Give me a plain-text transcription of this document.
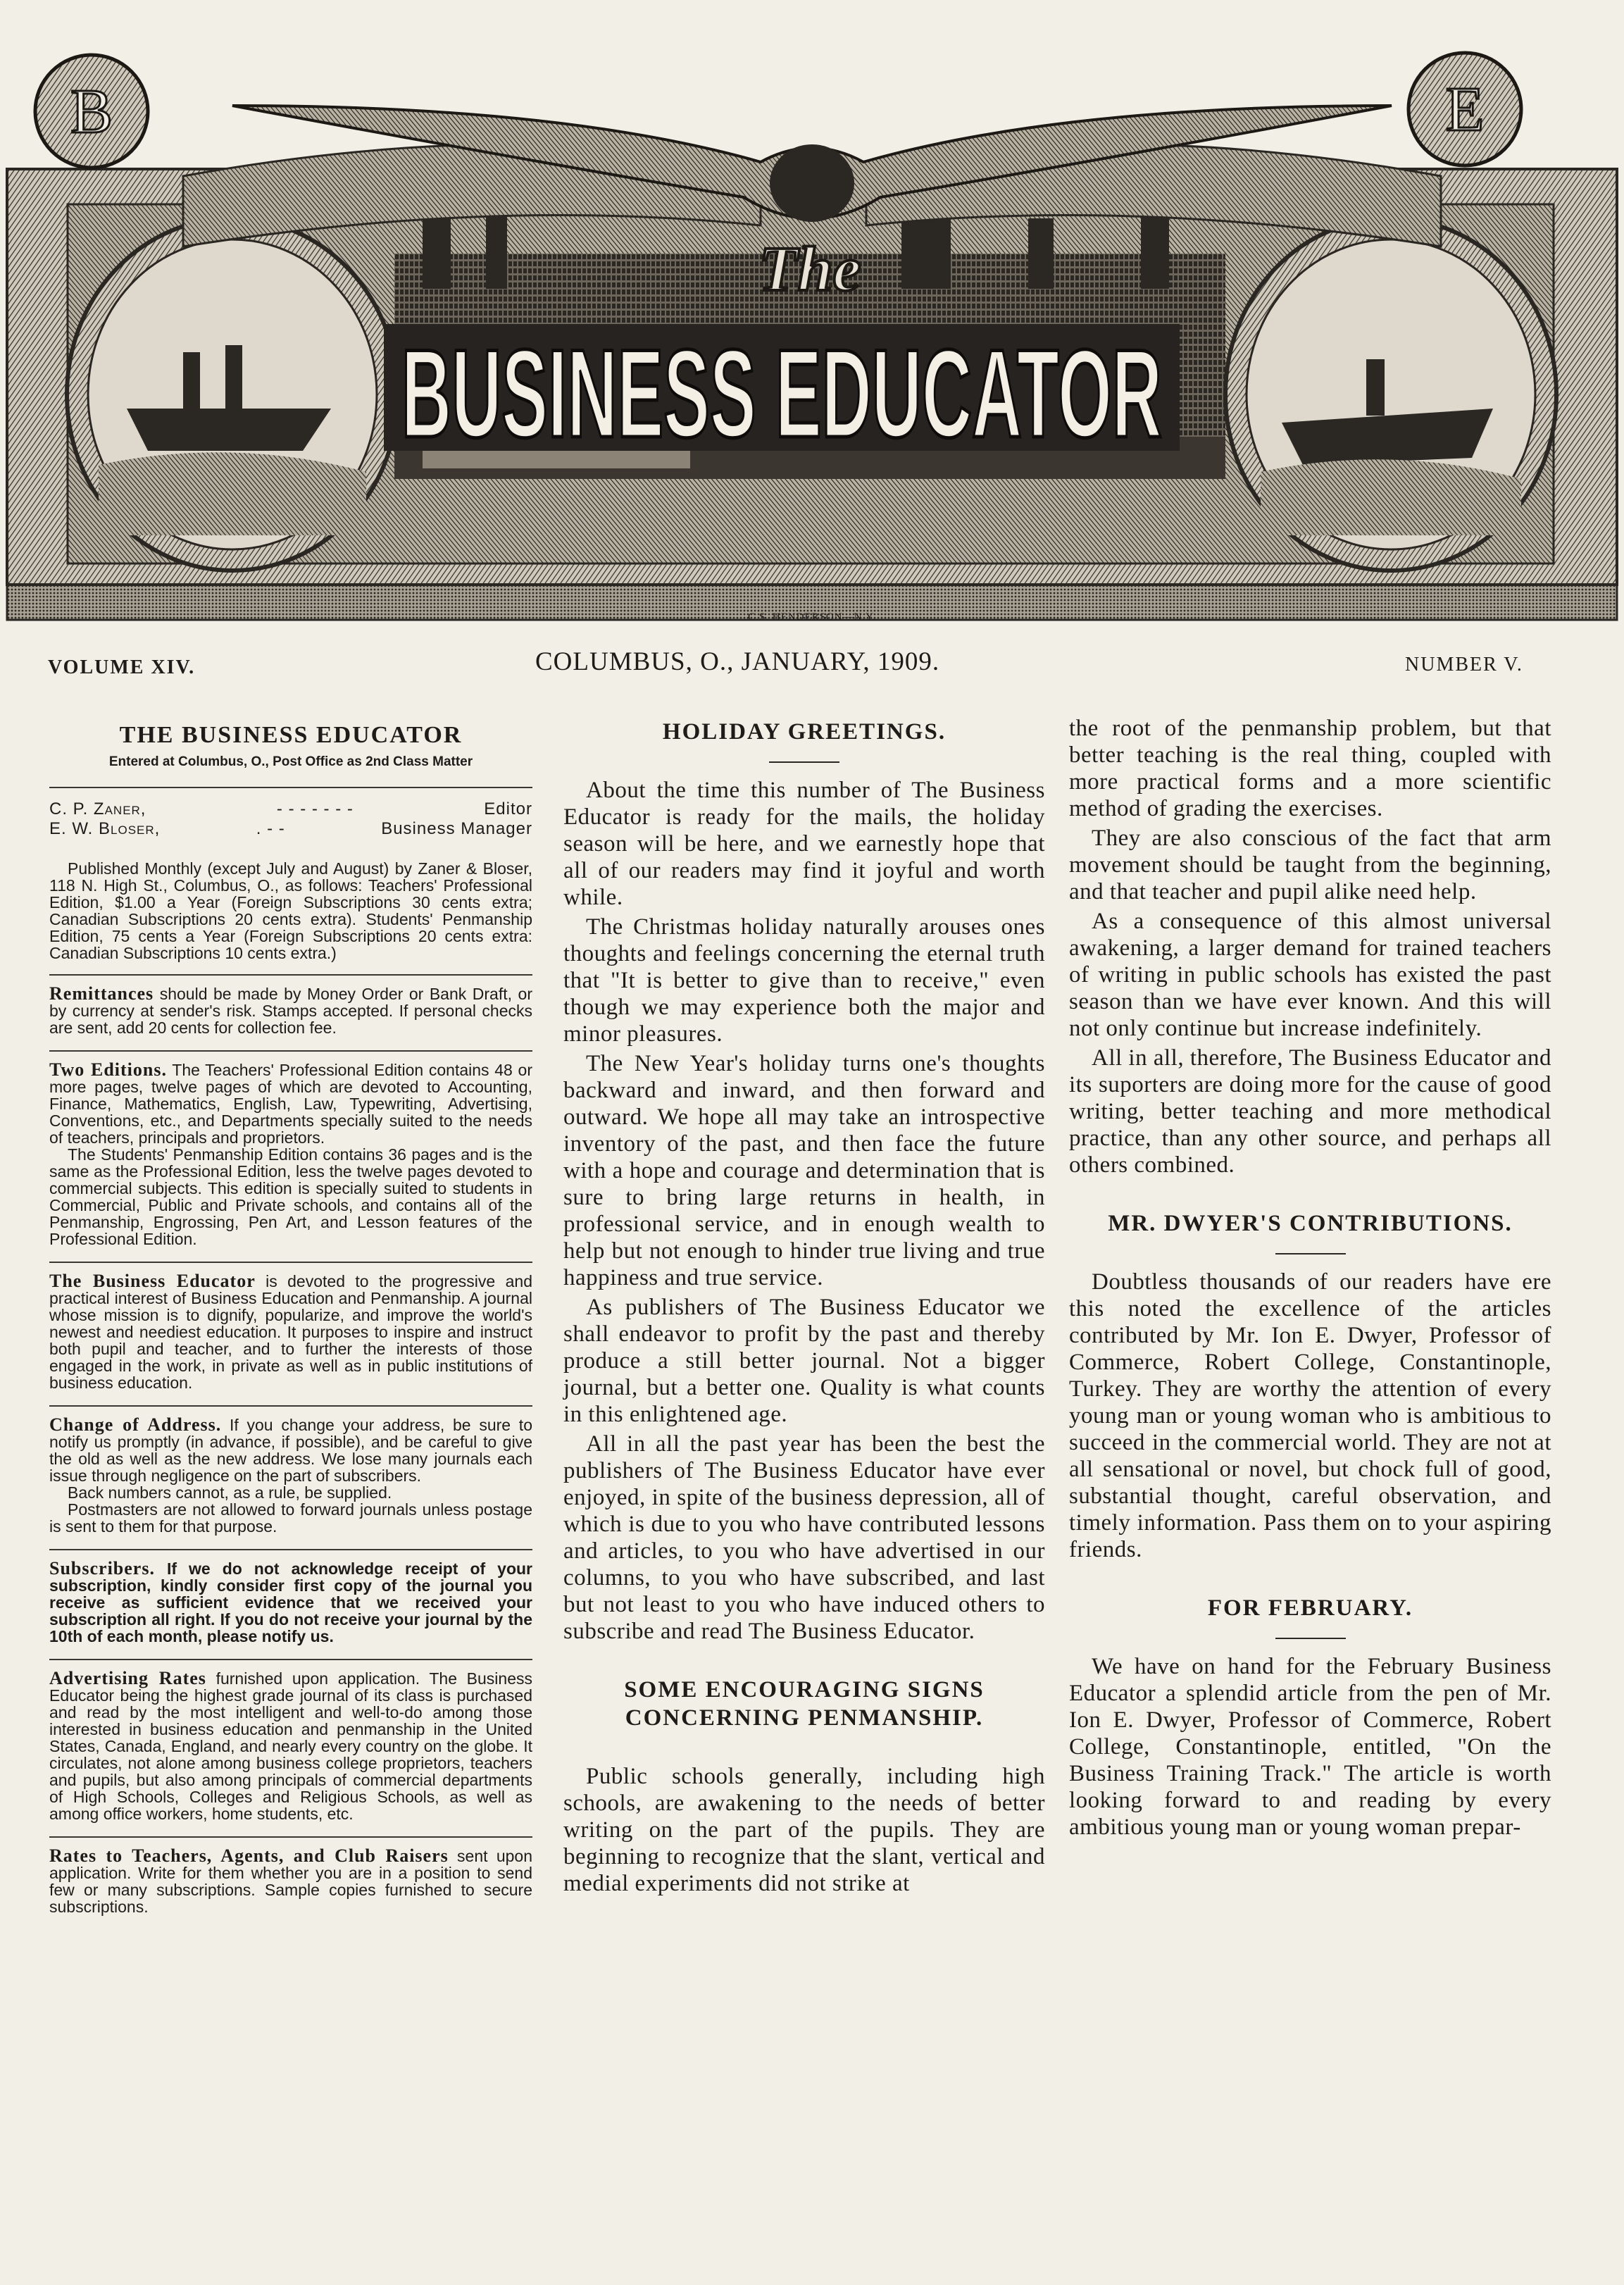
B	E
The
BUSINESS EDUCATOR
C.S. HENDERSON—N.Y.
VOLUME XIV.	COLUMBUS, O., JANUARY, 1909.	NUMBER V.
THE BUSINESS EDUCATOR
Entered at Columbus, O., Post Office as 2nd Class Matter
C. P. Zaner,	- - - - - - -	Editor
E. W. Bloser,	. - -	Business Manager

Published Monthly (except July and August) by Zaner & Bloser, 118 N. High St., Columbus, O., as follows: Teachers' Professional Edition, $1.00 a Year (Foreign Subscriptions 30 cents extra; Canadian Subscriptions 20 cents extra). Students' Penmanship Edition, 75 cents a Year (Foreign Subscriptions 20 cents extra: Canadian Subscriptions 10 cents extra.)

Remittances should be made by Money Order or Bank Draft, or by currency at sender's risk. Stamps accepted. If personal checks are sent, add 20 cents for collection fee.
Two Editions. The Teachers' Professional Edition contains 48 or more pages, twelve pages of which are devoted to Accounting, Finance, Mathematics, English, Law, Typewriting, Advertising, Conventions, etc., and Departments specially suited to the needs of teachers, principals and proprietors.
The Students' Penmanship Edition contains 36 pages and is the same as the Professional Edition, less the twelve pages devoted to commercial subjects. This edition is specially suited to students in Commercial, Public and Private schools, and contains all of the Penmanship, Engrossing, Pen Art, and Lesson features of the Professional Edition.
The Business Educator is devoted to the progressive and practical interest of Business Education and Penmanship. A journal whose mission is to dignify, popularize, and improve the world's newest and neediest education. It purposes to inspire and instruct both pupil and teacher, and to further the interests of those engaged in the work, in private as well as in public institutions of business education.
Change of Address. If you change your address, be sure to notify us promptly (in advance, if possible), and be careful to give the old as well as the new address. We lose many journals each issue through negligence on the part of subscribers.
Back numbers cannot, as a rule, be supplied.
Postmasters are not allowed to forward journals unless postage is sent to them for that purpose.
Subscribers. If we do not acknowledge receipt of your subscription, kindly consider first copy of the journal you receive as sufficient evidence that we received your subscription all right. If you do not receive your journal by the 10th of each month, please notify us.
Advertising Rates furnished upon application. The Business Educator being the highest grade journal of its class is purchased and read by the most intelligent and well-to-do among those interested in business education and penmanship in the United States, Canada, England, and nearly every country on the globe. It circulates, not alone among business college proprietors, teachers and pupils, but also among principals of commercial departments of High Schools, Colleges and Religious Schools, as well as among office workers, home students, etc.
Rates to Teachers, Agents, and Club Raisers sent upon application. Write for them whether you are in a position to send few or many subscriptions. Sample copies furnished to secure subscriptions.
HOLIDAY GREETINGS.

About the time this number of The Business Educator is ready for the mails, the holiday season will be here, and we earnestly hope that all of our readers may find it joyful and worth while.

The Christmas holiday naturally arouses ones thoughts and feelings concerning the eternal truth that "It is better to give than to receive," even though we may experience both the major and minor pleasures.

The New Year's holiday turns one's thoughts backward and inward, and then forward and outward. We hope all may take an introspective inventory of the past, and then face the future with a hope and courage and determination that is sure to bring large returns in health, in professional service, and in enough wealth to help but not enough to hinder true living and true happiness and true service.

As publishers of The Business Educator we shall endeavor to profit by the past and thereby produce a still better journal. Not a bigger journal, but a better one. Quality is what counts in this enlightened age.

All in all the past year has been the best the publishers of The Business Educator have ever enjoyed, in spite of the business depression, all of which is due to you who have contributed lessons and articles, to you who have advertised in our columns, to you who have subscribed, and last but not least to you who have induced others to subscribe and read The Business Educator.

SOME ENCOURAGING SIGNS CONCERNING PENMANSHIP.

Public schools generally, including high schools, are awakening to the needs of better writing on the part of the pupils. They are beginning to recognize that the slant, vertical and medial experiments did not strike at

the root of the penmanship problem, but that better teaching is the real thing, coupled with more practical forms and a more scientific method of grading the exercises.

They are also conscious of the fact that arm movement should be taught from the beginning, and that teacher and pupil alike need help.

As a consequence of this almost universal awakening, a larger demand for trained teachers of writing in public schools has existed the past season than we have ever known. And this will not only continue but increase indefinitely.

All in all, therefore, The Business Educator and its suporters are doing more for the cause of good writing, better teaching and more methodical practice, than any other source, and perhaps all others combined.

MR. DWYER'S CONTRIBUTIONS.

Doubtless thousands of our readers have ere this noted the excellence of the articles contributed by Mr. Ion E. Dwyer, Professor of Commerce, Robert College, Constantinople, Turkey. They are worthy the attention of every young man or young woman who is ambitious to succeed in the commercial world. They are not at all sensational or novel, but chock full of good, substantial thought, careful observation, and timely information. Pass them on to your aspiring friends.

FOR FEBRUARY.

We have on hand for the February Business Educator a splendid article from the pen of Mr. Ion E. Dwyer, Professor of Commerce, Robert College, Constantinople, entitled, "On the Business Training Track." The article is worth looking forward to and reading by every ambitious young man or young woman prepar-
